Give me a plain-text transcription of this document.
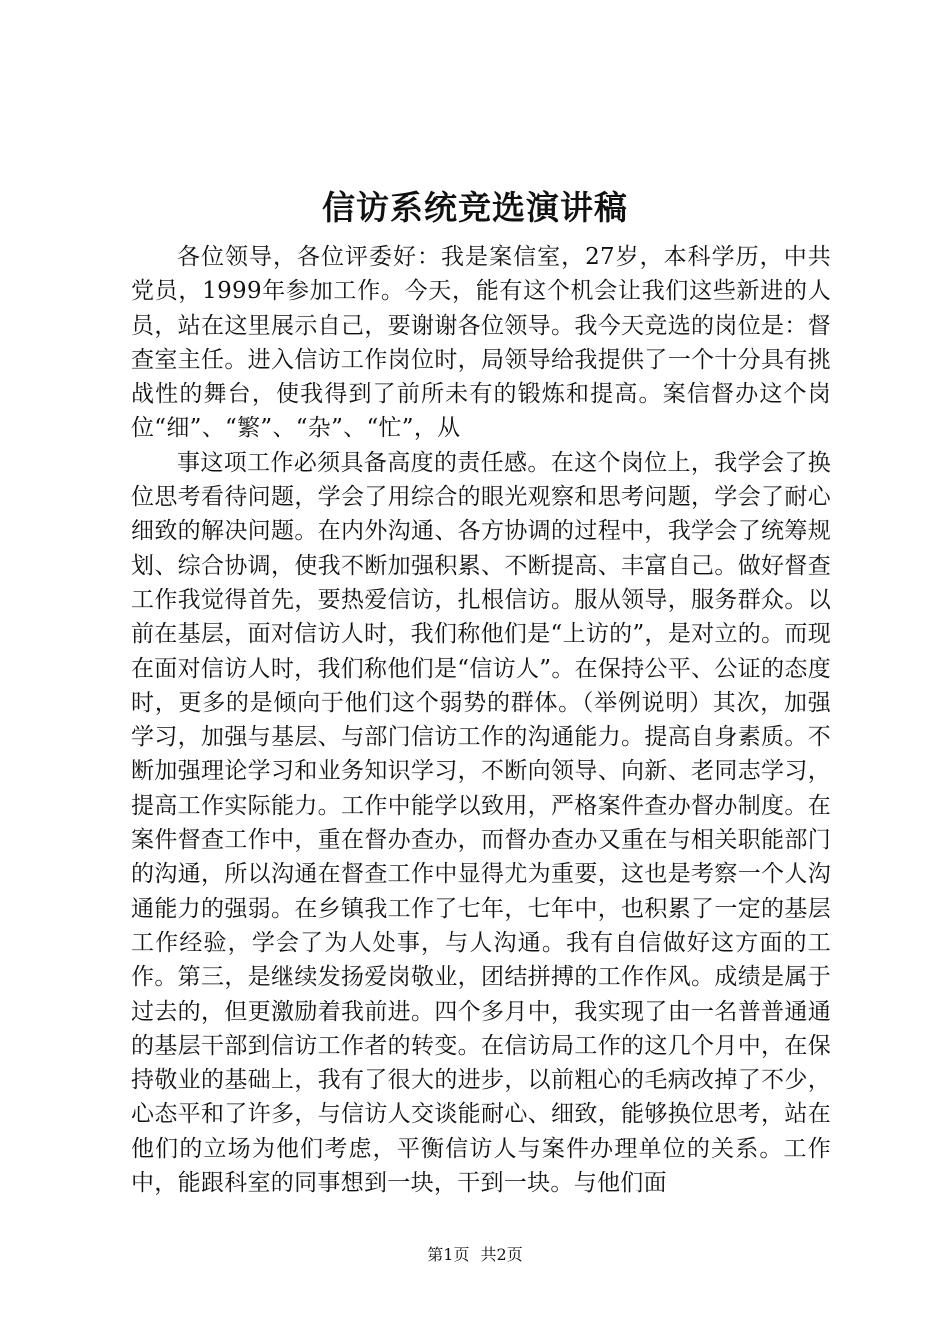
信访系统竞选演讲稿

各位领导，各位评委好：我是案信室，27岁，本科学历，中共党员，1999年参加工作。今天，能有这个机会让我们这些新进的人员，站在这里展示自己，要谢谢各位领导。我今天竞选的岗位是：督查室主任。进入信访工作岗位时，局领导给我提供了一个十分具有挑战性的舞台，使我得到了前所未有的锻炼和提高。案信督办这个岗位“细”、“繁”、“杂”、“忙”，从

事这项工作必须具备高度的责任感。在这个岗位上，我学会了换位思考看待问题，学会了用综合的眼光观察和思考问题，学会了耐心细致的解决问题。在内外沟通、各方协调的过程中，我学会了统筹规划、综合协调，使我不断加强积累、不断提高、丰富自己。做好督查工作我觉得首先，要热爱信访，扎根信访。服从领导，服务群众。以前在基层，面对信访人时，我们称他们是“上访的”，是对立的。而现在面对信访人时，我们称他们是“信访人”。在保持公平、公证的态度时，更多的是倾向于他们这个弱势的群体。（举例说明）其次，加强学习，加强与基层、与部门信访工作的沟通能力。提高自身素质。不断加强理论学习和业务知识学习，不断向领导、向新、老同志学习，提高工作实际能力。工作中能学以致用，严格案件查办督办制度。在案件督查工作中，重在督办查办，而督办查办又重在与相关职能部门的沟通，所以沟通在督查工作中显得尤为重要，这也是考察一个人沟通能力的强弱。在乡镇我工作了七年，七年中，也积累了一定的基层工作经验，学会了为人处事，与人沟通。我有自信做好这方面的工作。第三，是继续发扬爱岗敬业，团结拼搏的工作作风。成绩是属于过去的，但更激励着我前进。四个多月中，我实现了由一名普普通通的基层干部到信访工作者的转变。在信访局工作的这几个月中，在保持敬业的基础上，我有了很大的进步，以前粗心的毛病改掉了不少，心态平和了许多，与信访人交谈能耐心、细致，能够换位思考，站在他们的立场为他们考虑，平衡信访人与案件办理单位的关系。工作中，能跟科室的同事想到一块，干到一块。与他们面

第1页 共2页
